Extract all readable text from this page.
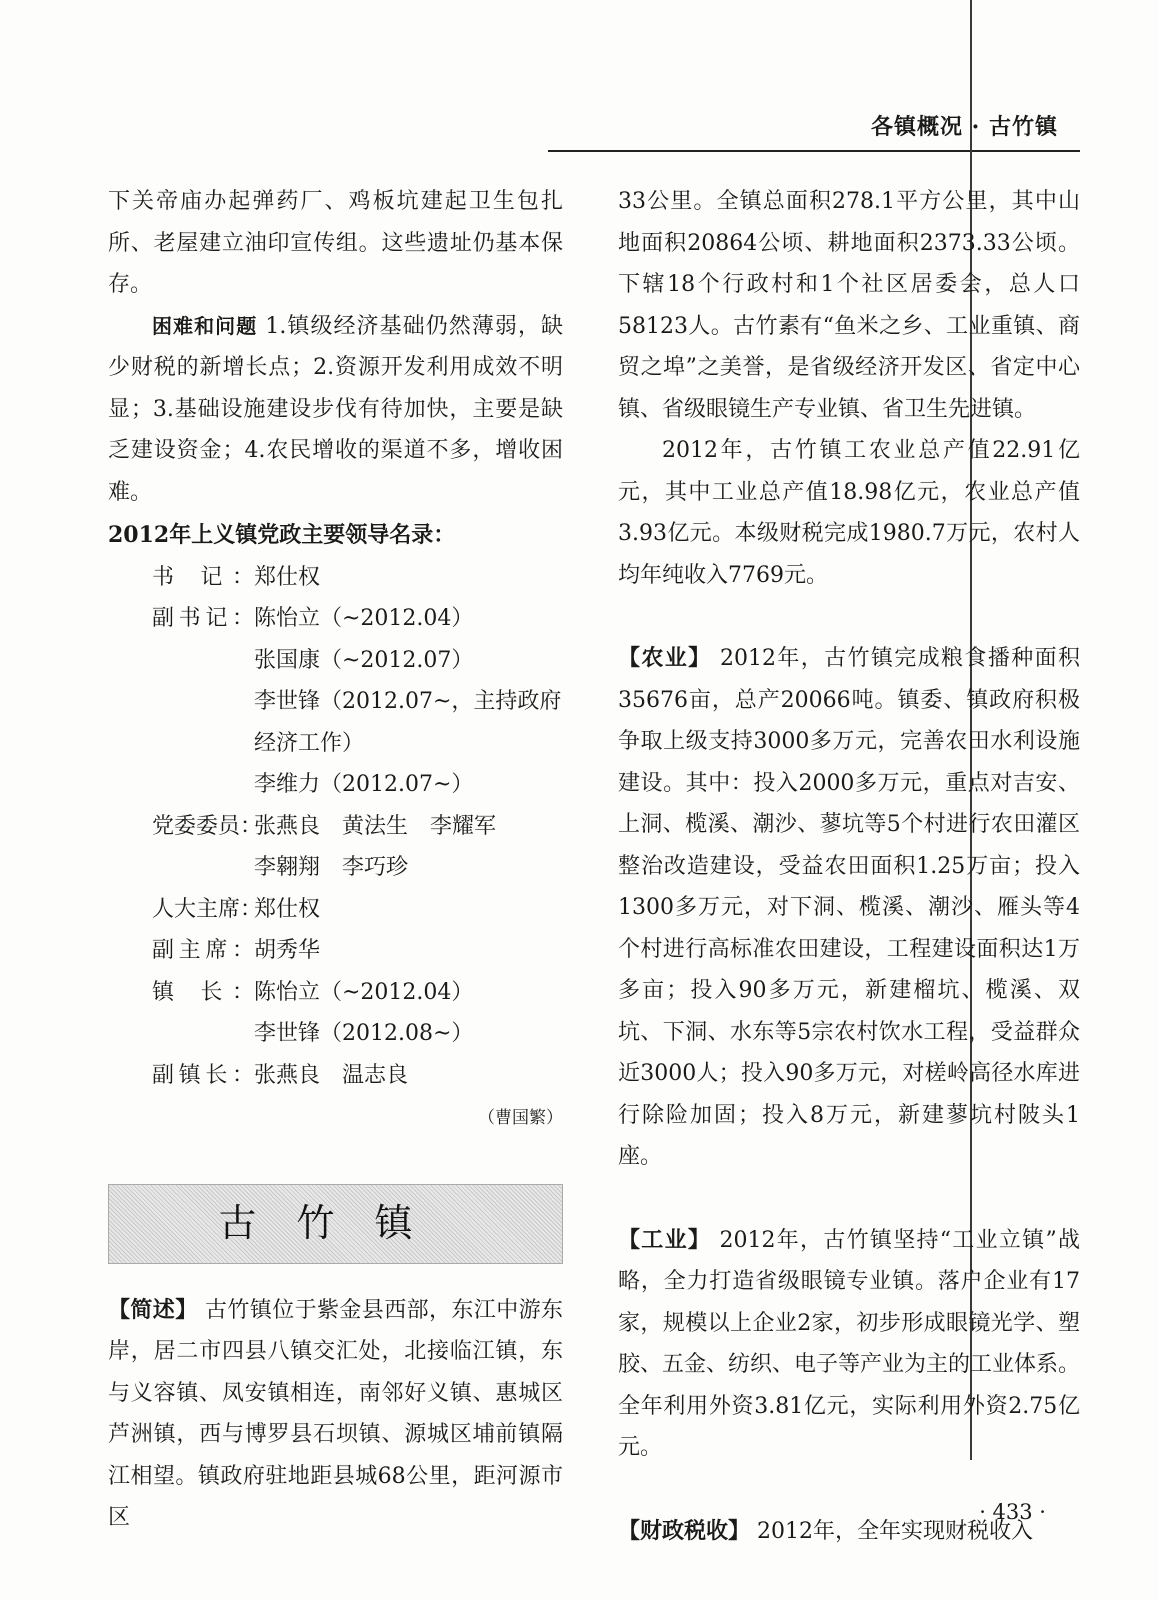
各镇概况 · 古竹镇

下关帝庙办起弹药厂、鸡板坑建起卫生包扎所、老屋建立油印宣传组。这些遗址仍基本保存。

困难和问题 1.镇级经济基础仍然薄弱，缺少财税的新增长点；2.资源开发利用成效不明显；3.基础设施建设步伐有待加快，主要是缺乏建设资金；4.农民增收的渠道不多，增收困难。

2012年上义镇党政主要领导名录：
书 记： 郑仕权
副书记： 陈怡立（~2012.04）
张国康（~2012.07）
李世锋（2012.07~，主持政府经济工作）
李维力（2012.07~）
党委委员：
张燕良　黄法生　李耀军
李翱翔　李巧珍
人大主席：
郑仕权
副主席： 胡秀华
镇 长： 陈怡立（~2012.04）
李世锋（2012.08~）
副镇长： 张燕良　温志良
（曹国繁）
古竹镇

【简述】 古竹镇位于紫金县西部，东江中游东岸，居二市四县八镇交汇处，北接临江镇，东与义容镇、凤安镇相连，南邻好义镇、惠城区芦洲镇，西与博罗县石坝镇、源城区埔前镇隔江相望。镇政府驻地距县城68公里，距河源市区

33公里。全镇总面积278.1平方公里，其中山地面积20864公顷、耕地面积2373.33公顷。下辖18个行政村和1个社区居委会，总人口58123人。古竹素有“鱼米之乡、工业重镇、商贸之埠”之美誉，是省级经济开发区、省定中心镇、省级眼镜生产专业镇、省卫生先进镇。

2012年，古竹镇工农业总产值22.91亿元，其中工业总产值18.98亿元，农业总产值3.93亿元。本级财税完成1980.7万元，农村人均年纯收入7769元。

【农业】 2012年，古竹镇完成粮食播种面积35676亩，总产20066吨。镇委、镇政府积极争取上级支持3000多万元，完善农田水利设施建设。其中：投入2000多万元，重点对吉安、上洞、榄溪、潮沙、蓼坑等5个村进行农田灌区整治改造建设，受益农田面积1.25万亩；投入1300多万元，对下洞、榄溪、潮沙、雁头等4个村进行高标准农田建设，工程建设面积达1万多亩；投入90多万元，新建榴坑、榄溪、双坑、下洞、水东等5宗农村饮水工程，受益群众近3000人；投入90多万元，对槎岭高径水库进行除险加固；投入8万元，新建蓼坑村陂头1座。

【工业】 2012年，古竹镇坚持“工业立镇”战略，全力打造省级眼镜专业镇。落户企业有17家，规模以上企业2家，初步形成眼镜光学、塑胶、五金、纺织、电子等产业为主的工业体系。全年利用外资3.81亿元，实际利用外资2.75亿元。

【财政税收】 2012年，全年实现财税收入

· 433 ·
